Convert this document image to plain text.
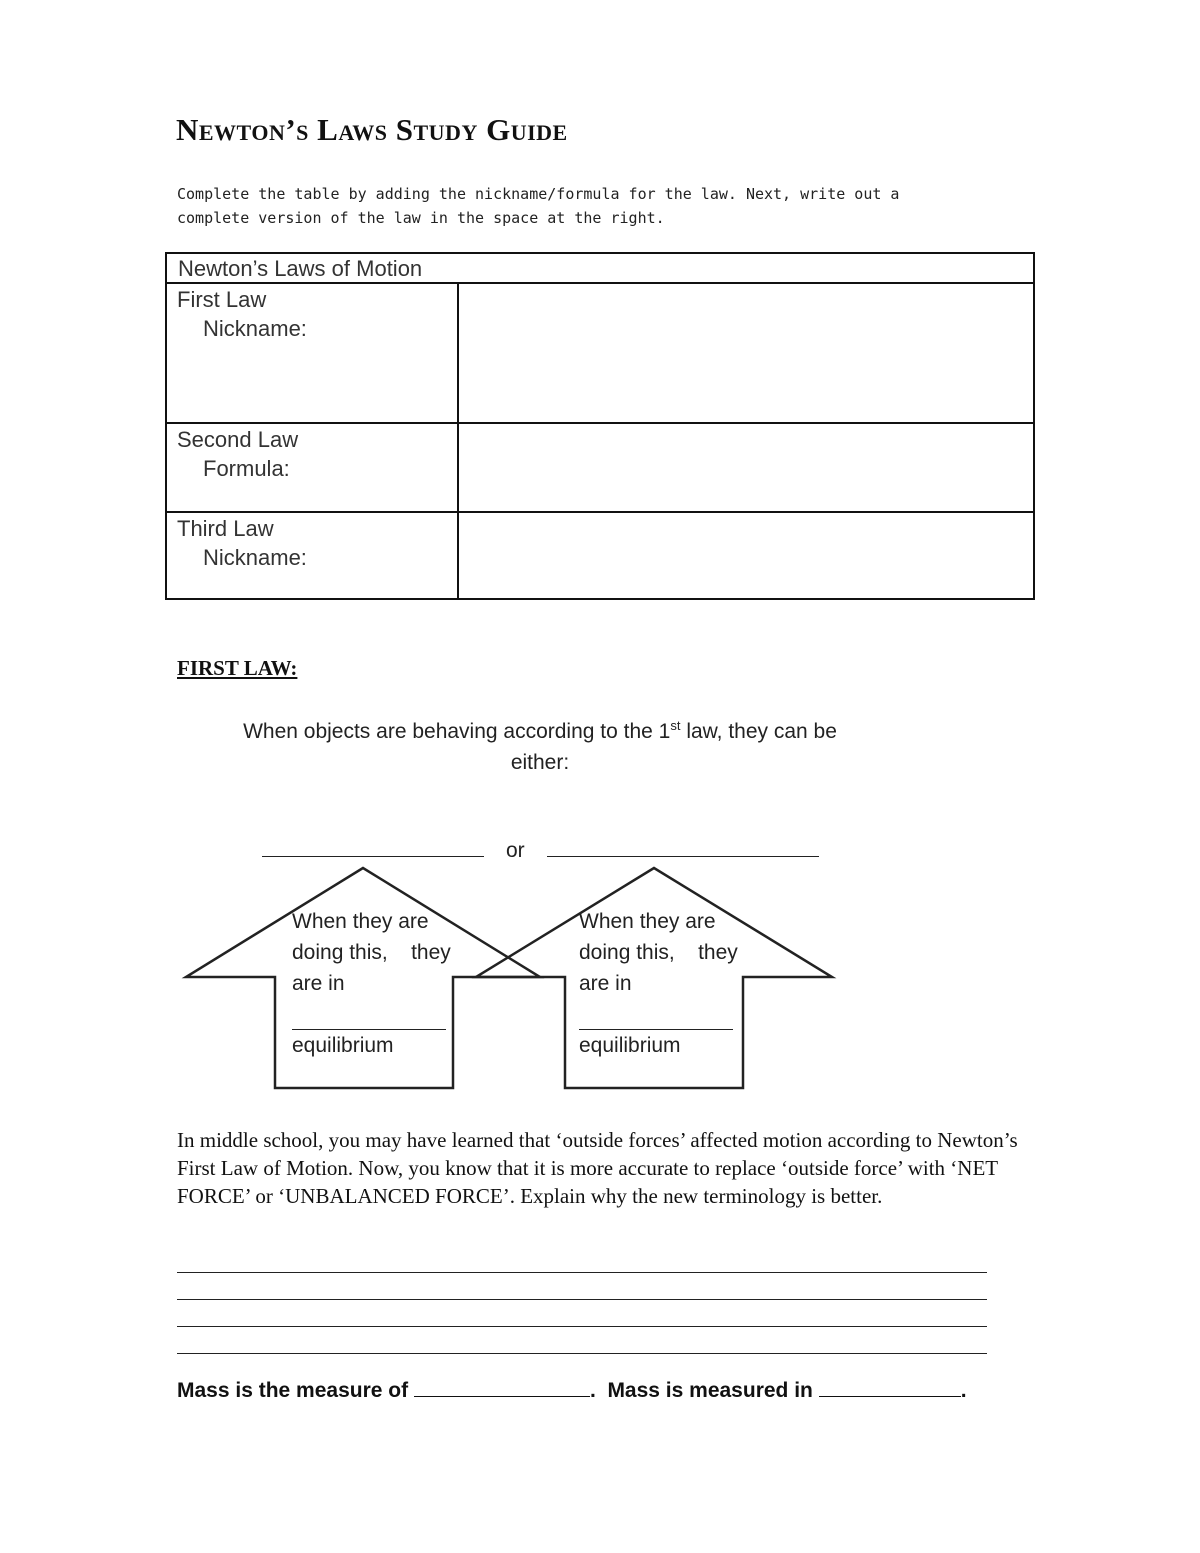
Newton’s Laws Study Guide
Complete the table by adding the nickname/formula for the law. Next, write out a complete version of the law in the space at the right.
Newton’s Laws of Motion
First Law
Nickname:
Second Law
Formula:
Third Law
Nickname:
FIRST LAW:
When objects are behaving according to the 1st law, they can be either:
or
When they are
doing this,    they
are in
equilibrium
When they are
doing this,    they
are in
equilibrium
In middle school, you may have learned that ‘outside forces’ affected motion according to Newton’s First Law of Motion. Now, you know that it is more accurate to replace ‘outside force’ with ‘NET FORCE’ or ‘UNBALANCED FORCE’. Explain why the new terminology is better.
Mass is the measure of	.  Mass is measured in	.
